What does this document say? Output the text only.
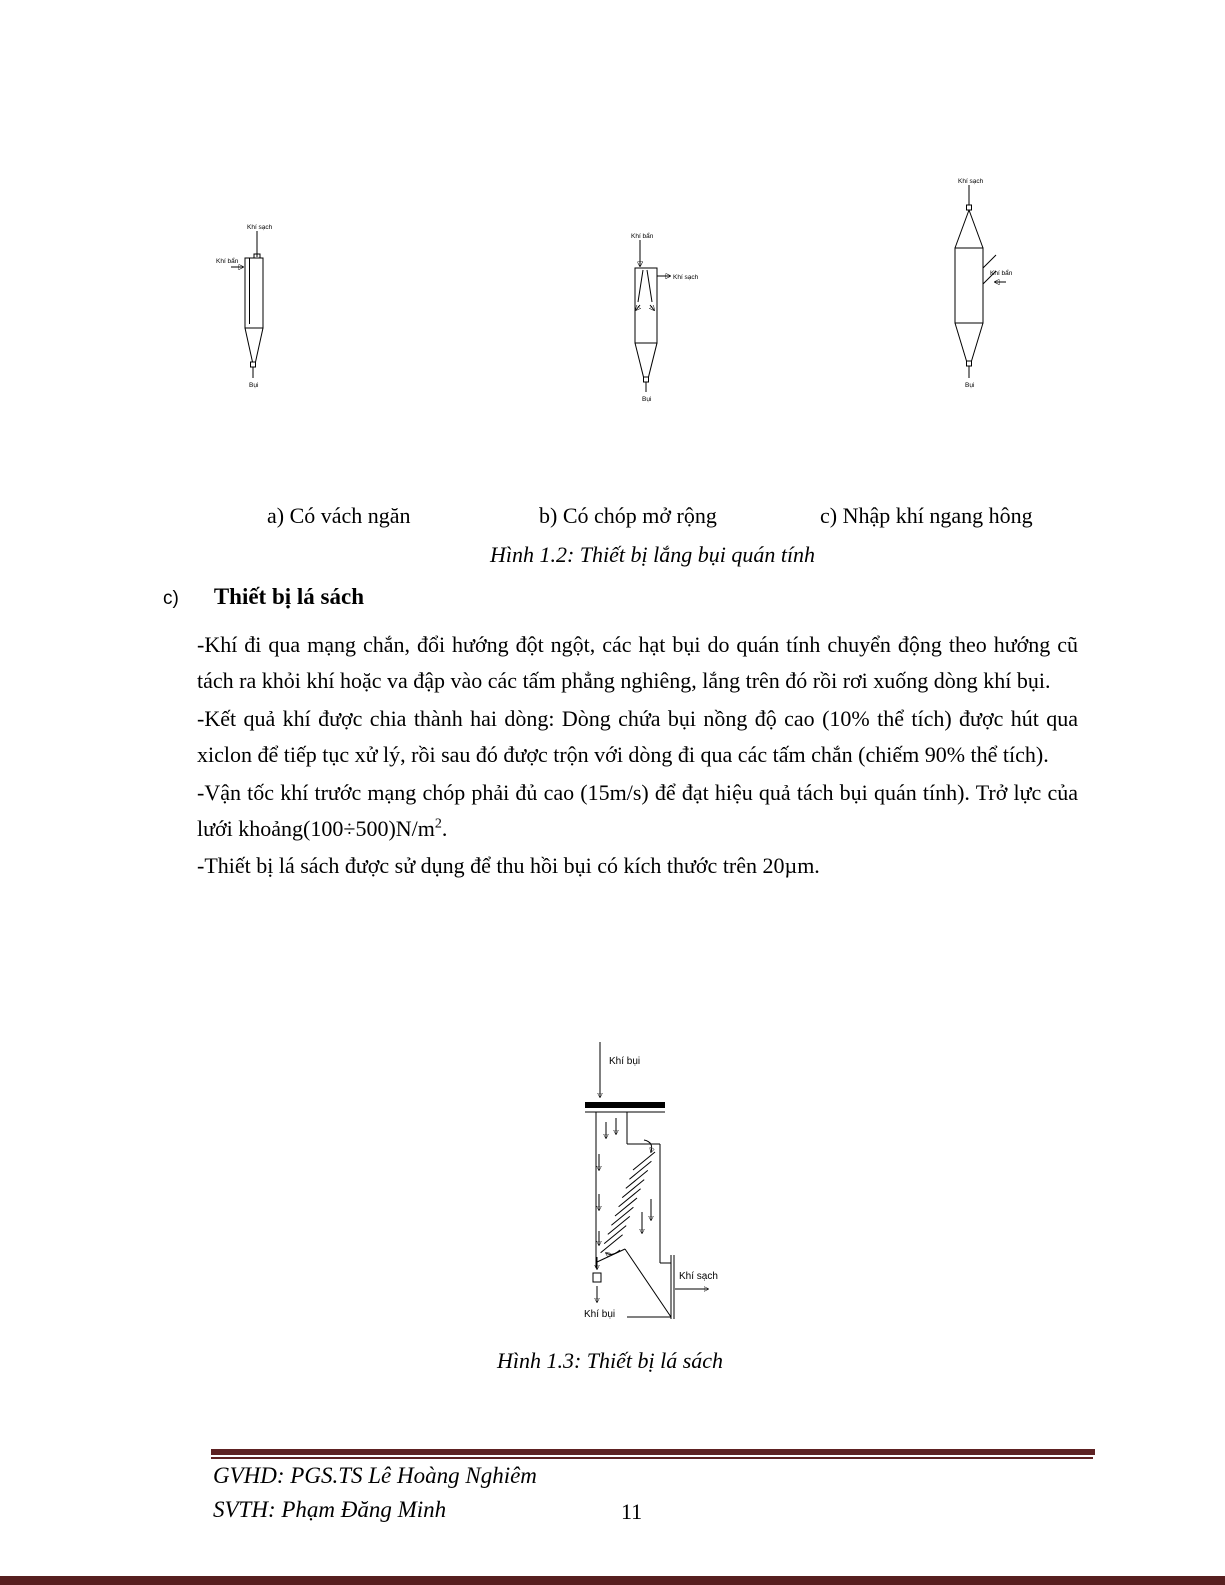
Khí sạch
Khí bẩn
Bụi
Khí bẩn
Khí sạch
Bụi
Khí sạch
Khí bẩn
Bụi
a) Có vách ngăn	b) Có chóp mở rộng	c) Nhập khí ngang hông
Hình 1.2: Thiết bị lắng bụi quán tính
c) Thiết bị lá sách

-Khí đi qua mạng chắn, đổi hướng đột ngột, các hạt bụi do quán tính chuyển động theo hướng cũ tách ra khỏi khí hoặc va đập vào các tấm phẳng nghiêng, lắng trên đó rồi rơi xuống dòng khí bụi.

-Kết quả khí được chia thành hai dòng: Dòng chứa bụi nồng độ cao (10% thể tích) được hút qua xiclon để tiếp tục xử lý, rồi sau đó được trộn với dòng đi qua các tấm chắn (chiếm 90% thể tích).

-Vận tốc khí trước mạng chóp phải đủ cao (15m/s) để đạt hiệu quả tách bụi quán tính). Trở lực của lưới $khoảng(100\div 500)N/m^2$.

-Thiết bị lá sách được sử dụng để thu hồi bụi có kích thước trên 20µm.

Khí bụi
Khí sạch
Khí bụi
Hình 1.3: Thiết bị lá sách
GVHD: PGS.TS Lê Hoàng Nghiêm
SVTH: Phạm Đăng Minh	11
